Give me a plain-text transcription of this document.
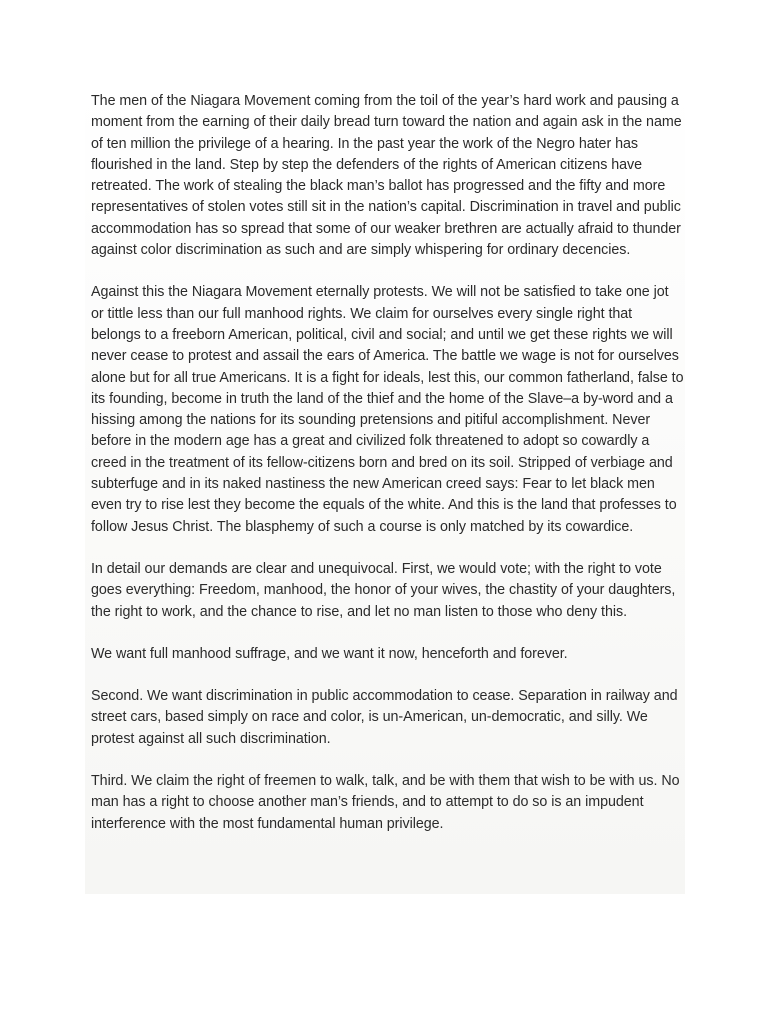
The men of the Niagara Movement coming from the toil of the year’s hard work and pausing a moment from the earning of their daily bread turn toward the nation and again ask in the name of ten million the privilege of a hearing. In the past year the work of the Negro hater has flourished in the land. Step by step the defenders of the rights of American citizens have retreated. The work of stealing the black man’s ballot has progressed and the fifty and more representatives of stolen votes still sit in the nation’s capital. Discrimination in travel and public accommodation has so spread that some of our weaker brethren are actually afraid to thunder against color discrimination as such and are simply whispering for ordinary decencies.

Against this the Niagara Movement eternally protests. We will not be satisfied to take one jot or tittle less than our full manhood rights. We claim for ourselves every single right that belongs to a freeborn American, political, civil and social; and until we get these rights we will never cease to protest and assail the ears of America. The battle we wage is not for ourselves alone but for all true Americans. It is a fight for ideals, lest this, our common fatherland, false to its founding, become in truth the land of the thief and the home of the Slave–a by-word and a hissing among the nations for its sounding pretensions and pitiful accomplishment. Never before in the modern age has a great and civilized folk threatened to adopt so cowardly a creed in the treatment of its fellow-citizens born and bred on its soil. Stripped of verbiage and subterfuge and in its naked nastiness the new American creed says: Fear to let black men even try to rise lest they become the equals of the white. And this is the land that professes to follow Jesus Christ. The blasphemy of such a course is only matched by its cowardice.

In detail our demands are clear and unequivocal. First, we would vote; with the right to vote goes everything: Freedom, manhood, the honor of your wives, the chastity of your daughters, the right to work, and the chance to rise, and let no man listen to those who deny this.

We want full manhood suffrage, and we want it now, henceforth and forever.

Second. We want discrimination in public accommodation to cease. Separation in railway and street cars, based simply on race and color, is un-American, un-democratic, and silly. We protest against all such discrimination.

Third. We claim the right of freemen to walk, talk, and be with them that wish to be with us. No man has a right to choose another man’s friends, and to attempt to do so is an impudent interference with the most fundamental human privilege.
